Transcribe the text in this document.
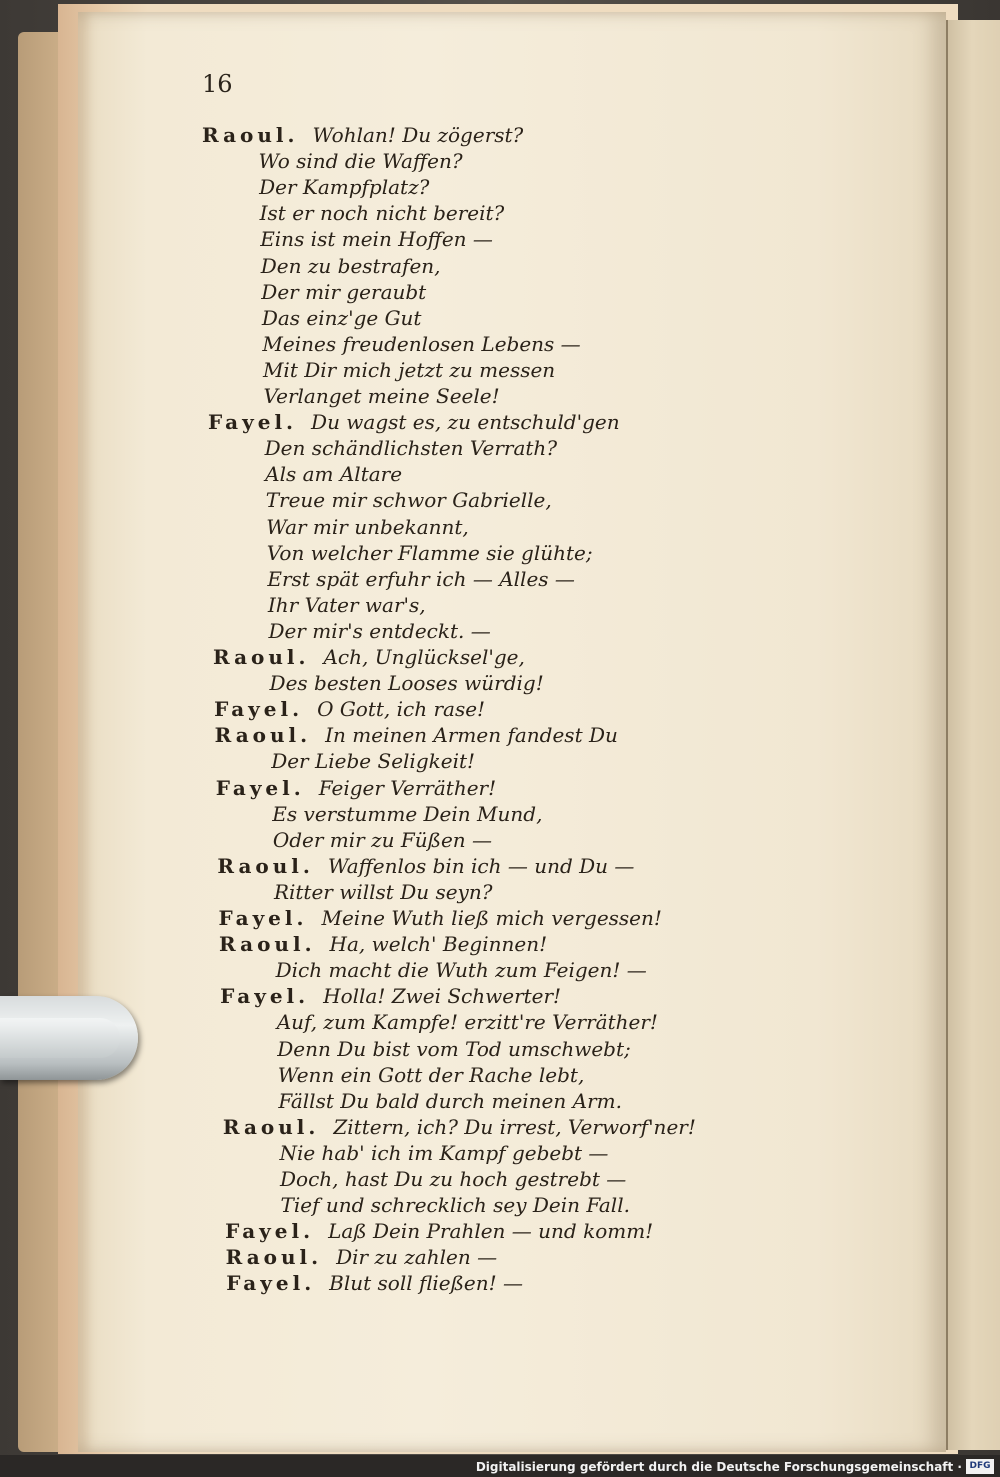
16
Raoul. Wohlan! Du zögerst?
Wo sind die Waffen?
Der Kampfplatz?
Ist er noch nicht bereit?
Eins ist mein Hoffen —
Den zu bestrafen,
Der mir geraubt
Das einz'ge Gut
Meines freudenlosen Lebens —
Mit Dir mich jetzt zu messen
Verlanget meine Seele!
Fayel. Du wagst es, zu entschuld'gen
Den schändlichsten Verrath?
Als am Altare
Treue mir schwor Gabrielle,
War mir unbekannt,
Von welcher Flamme sie glühte;
Erst spät erfuhr ich — Alles —
Ihr Vater war's,
Der mir's entdeckt. —
Raoul. Ach, Unglücksel'ge,
Des besten Looses würdig!
Fayel. O Gott, ich rase!
Raoul. In meinen Armen fandest Du
Der Liebe Seligkeit!
Fayel. Feiger Verräther!
Es verstumme Dein Mund,
Oder mir zu Füßen —
Raoul. Waffenlos bin ich — und Du —
Ritter willst Du seyn?
Fayel. Meine Wuth ließ mich vergessen!
Raoul. Ha, welch' Beginnen!
Dich macht die Wuth zum Feigen! —
Fayel. Holla! Zwei Schwerter!
Auf, zum Kampfe! erzitt're Verräther!
Denn Du bist vom Tod umschwebt;
Wenn ein Gott der Rache lebt,
Fällst Du bald durch meinen Arm.
Raoul. Zittern, ich? Du irrest, Verworf'ner!
Nie hab' ich im Kampf gebebt —
Doch, hast Du zu hoch gestrebt —
Tief und schrecklich sey Dein Fall.
Fayel. Laß Dein Prahlen — und komm!
Raoul. Dir zu zahlen —
Fayel. Blut soll fließen! —
Digitalisierung gefördert durch die Deutsche Forschungsgemeinschaft · DFG
